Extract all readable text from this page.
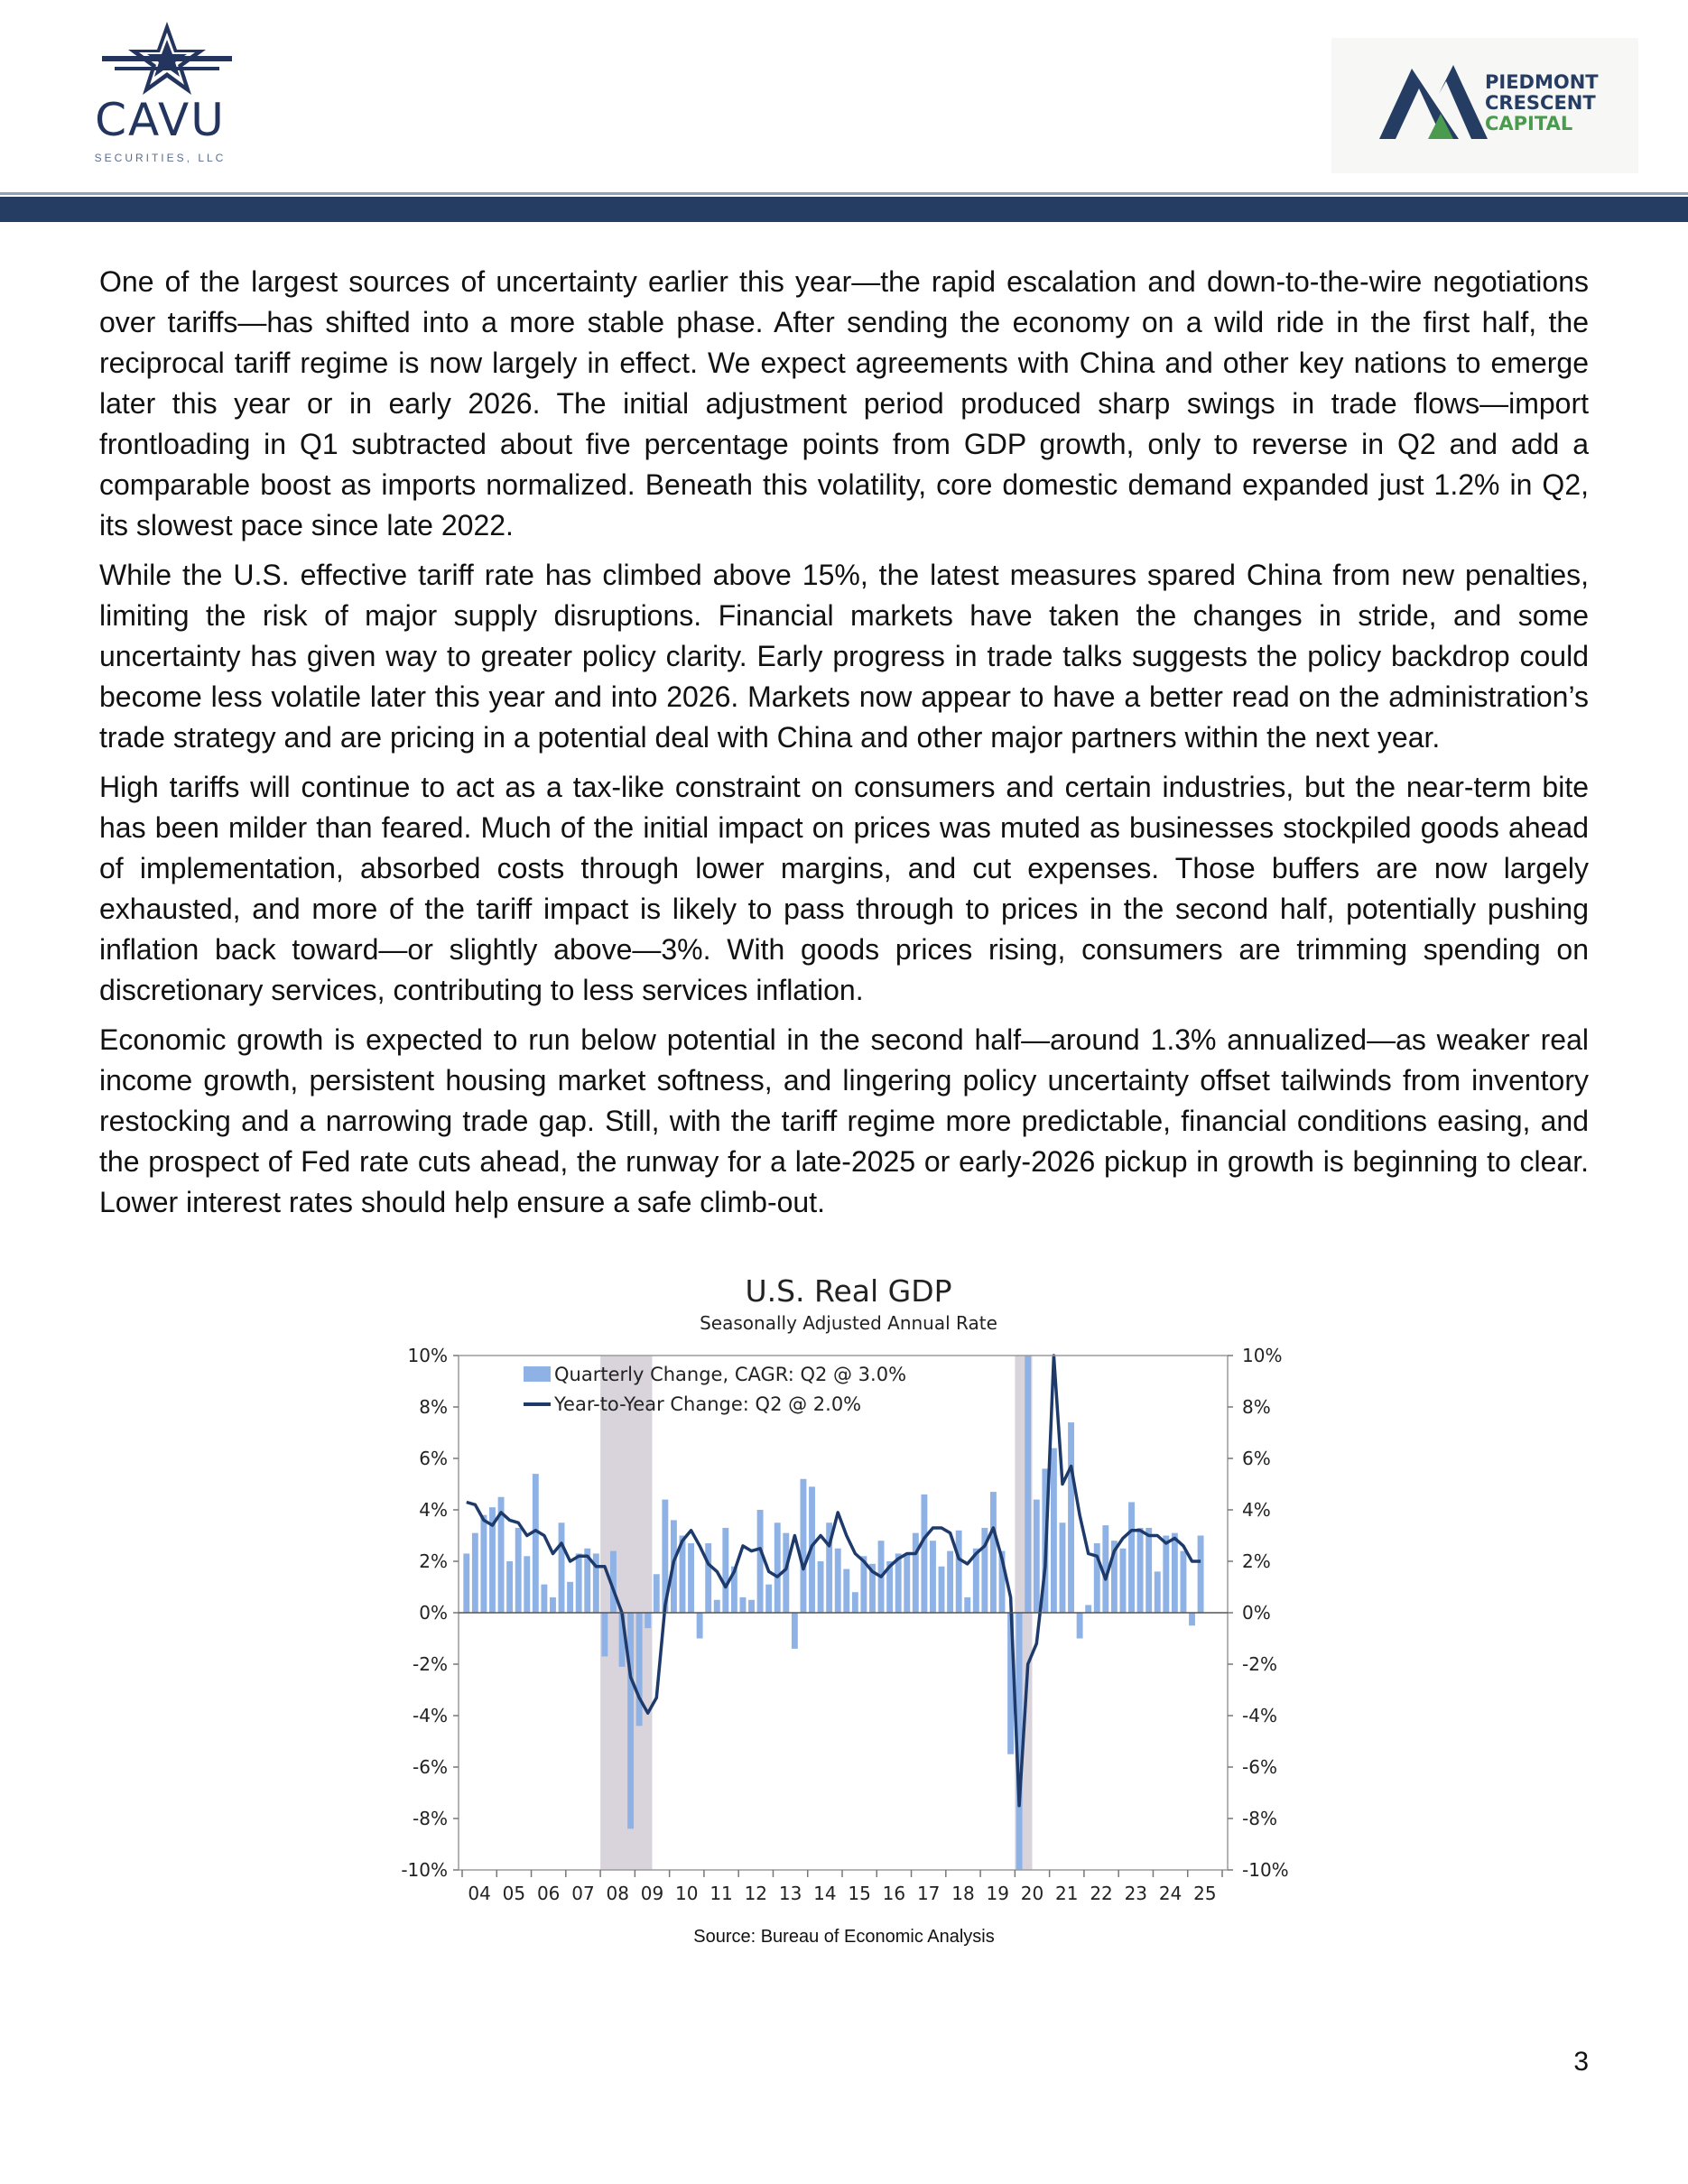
CAVU
SECURITIES, LLC
PIEDMONT
CRESCENT
CAPITAL

One of the largest sources of uncertainty earlier this year—the rapid escalation and down-to-the-wire negotiations over tariffs—has shifted into a more stable phase. After sending the economy on a wild ride in the first half, the reciprocal tariff regime is now largely in effect. We expect agreements with China and other key nations to emerge later this year or in early 2026. The initial adjustment period produced sharp swings in trade flows—import frontloading in Q1 subtracted about five percentage points from GDP growth, only to reverse in Q2 and add a comparable boost as imports normalized. Beneath this volatility, core domestic demand expanded just 1.2% in Q2, its slowest pace since late 2022.

While the U.S. effective tariff rate has climbed above 15%, the latest measures spared China from new penalties, limiting the risk of major supply disruptions. Financial markets have taken the changes in stride, and some uncertainty has given way to greater policy clarity. Early progress in trade talks suggests the policy backdrop could become less volatile later this year and into 2026. Markets now appear to have a better read on the administration’s trade strategy and are pricing in a potential deal with China and other major partners within the next year.

High tariffs will continue to act as a tax-like constraint on consumers and certain industries, but the near-term bite has been milder than feared. Much of the initial impact on prices was muted as businesses stockpiled goods ahead of implementation, absorbed costs through lower margins, and cut expenses. Those buffers are now largely exhausted, and more of the tariff impact is likely to pass through to prices in the second half, potentially pushing inflation back toward—or slightly above—3%. With goods prices rising, consumers are trimming spending on discretionary services, contributing to less services inflation.

Economic growth is expected to run below potential in the second half—around 1.3% annualized—as weaker real income growth, persistent housing market softness, and lingering policy uncertainty offset tailwinds from inventory restocking and a narrowing trade gap. Still, with the tariff regime more predictable, financial conditions easing, and the prospect of Fed rate cuts ahead, the runway for a late-2025 or early-2026 pickup in growth is beginning to clear. Lower interest rates should help ensure a safe climb-out.

U.S. Real GDP
Seasonally Adjusted Annual Rate
10%	10%
8%	8%
6%	6%
4%	4%
2%	2%
0%	0%
-2%	-2%
-4%	-4%
-6%	-6%
-8%	-8%
-10%	-10%
04 05 06 07 08 09 10 11 12 13 14 15 16 17 18 19 20 21 22 23 24 25
Quarterly Change, CAGR: Q2 @ 3.0%
Year-to-Year Change: Q2 @ 2.0%
Source: Bureau of Economic Analysis
3
